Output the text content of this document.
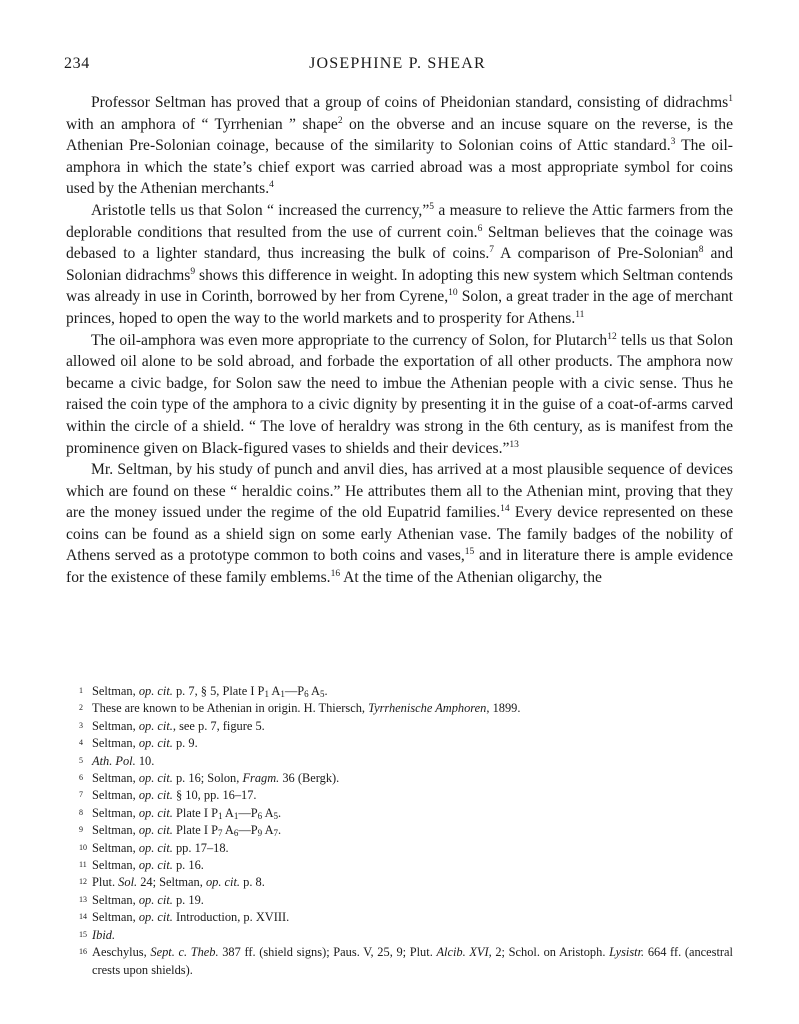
234	JOSEPHINE P. SHEAR

Professor Seltman has proved that a group of coins of Pheidonian standard, consisting of didrachms$^1$ with an amphora of “ Tyrrhenian ” shape$^2$ on the obverse and an incuse square on the reverse, is the Athenian Pre-Solonian coinage, because of the similarity to Solonian coins of Attic standard.$^3$ The oil-amphora in which the state’s chief export was carried abroad was a most appropriate symbol for coins used by the Athenian merchants.$^4$

Aristotle tells us that Solon “ increased the currency,”$^5$ a measure to relieve the Attic farmers from the deplorable conditions that resulted from the use of current coin.$^6$ Seltman believes that the coinage was debased to a lighter standard, thus increasing the bulk of coins.$^7$ A comparison of Pre-Solonian$^8$ and Solonian didrachms$^9$ shows this difference in weight. In adopting this new system which Seltman contends was already in use in Corinth, borrowed by her from Cyrene,$^{10}$ Solon, a great trader in the age of merchant princes, hoped to open the way to the world markets and to prosperity for Athens.$^{11}$

The oil-amphora was even more appropriate to the currency of Solon, for Plutarch$^{12}$ tells us that Solon allowed oil alone to be sold abroad, and forbade the exportation of all other products. The amphora now became a civic badge, for Solon saw the need to imbue the Athenian people with a civic sense. Thus he raised the coin type of the amphora to a civic dignity by presenting it in the guise of a coat-of-arms carved within the circle of a shield. “ The love of heraldry was strong in the 6th century, as is manifest from the prominence given on Black-figured vases to shields and their devices.”$^{13}$

Mr. Seltman, by his study of punch and anvil dies, has arrived at a most plausible sequence of devices which are found on these “ heraldic coins.” He attributes them all to the Athenian mint, proving that they are the money issued under the regime of the old Eupatrid families.$^{14}$ Every device represented on these coins can be found as a shield sign on some early Athenian vase. The family badges of the nobility of Athens served as a prototype common to both coins and vases,$^{15}$ and in literature there is ample evidence for the existence of these family emblems.$^{16}$ At the time of the Athenian oligarchy, the

1 Seltman, op. cit. p. 7, § 5, Plate I $P_1$ $A_1—P_6$ $A_5$.
2 These are known to be Athenian in origin. H. Thiersch, Tyrrhenische Amphoren, 1899.
3 Seltman, op. cit., see p. 7, figure 5.
4 Seltman, op. cit. p. 9.
5 Ath. Pol. 10.
6 Seltman, op. cit. p. 16; Solon, Fragm. 36 (Bergk).
7 Seltman, op. cit. § 10, pp. 16–17.
8 Seltman, op. cit. Plate I $P_1$ $A_1—P_6$ $A_5$.
9 Seltman, op. cit. Plate I $P_7$ $A_6—P_9$ $A_7$.
10 Seltman, op. cit. pp. 17–18.
11 Seltman, op. cit. p. 16.
12 Plut. Sol. 24; Seltman, op. cit. p. 8.
13 Seltman, op. cit. p. 19.
14 Seltman, op. cit. Introduction, p. XVIII.
15 Ibid.
16 Aeschylus, Sept. c. Theb. 387 ff. (shield signs); Paus. V, 25, 9; Plut. Alcib. XVI, 2; Schol. on Aristoph. Lysistr. 664 ff. (ancestral crests upon shields).
